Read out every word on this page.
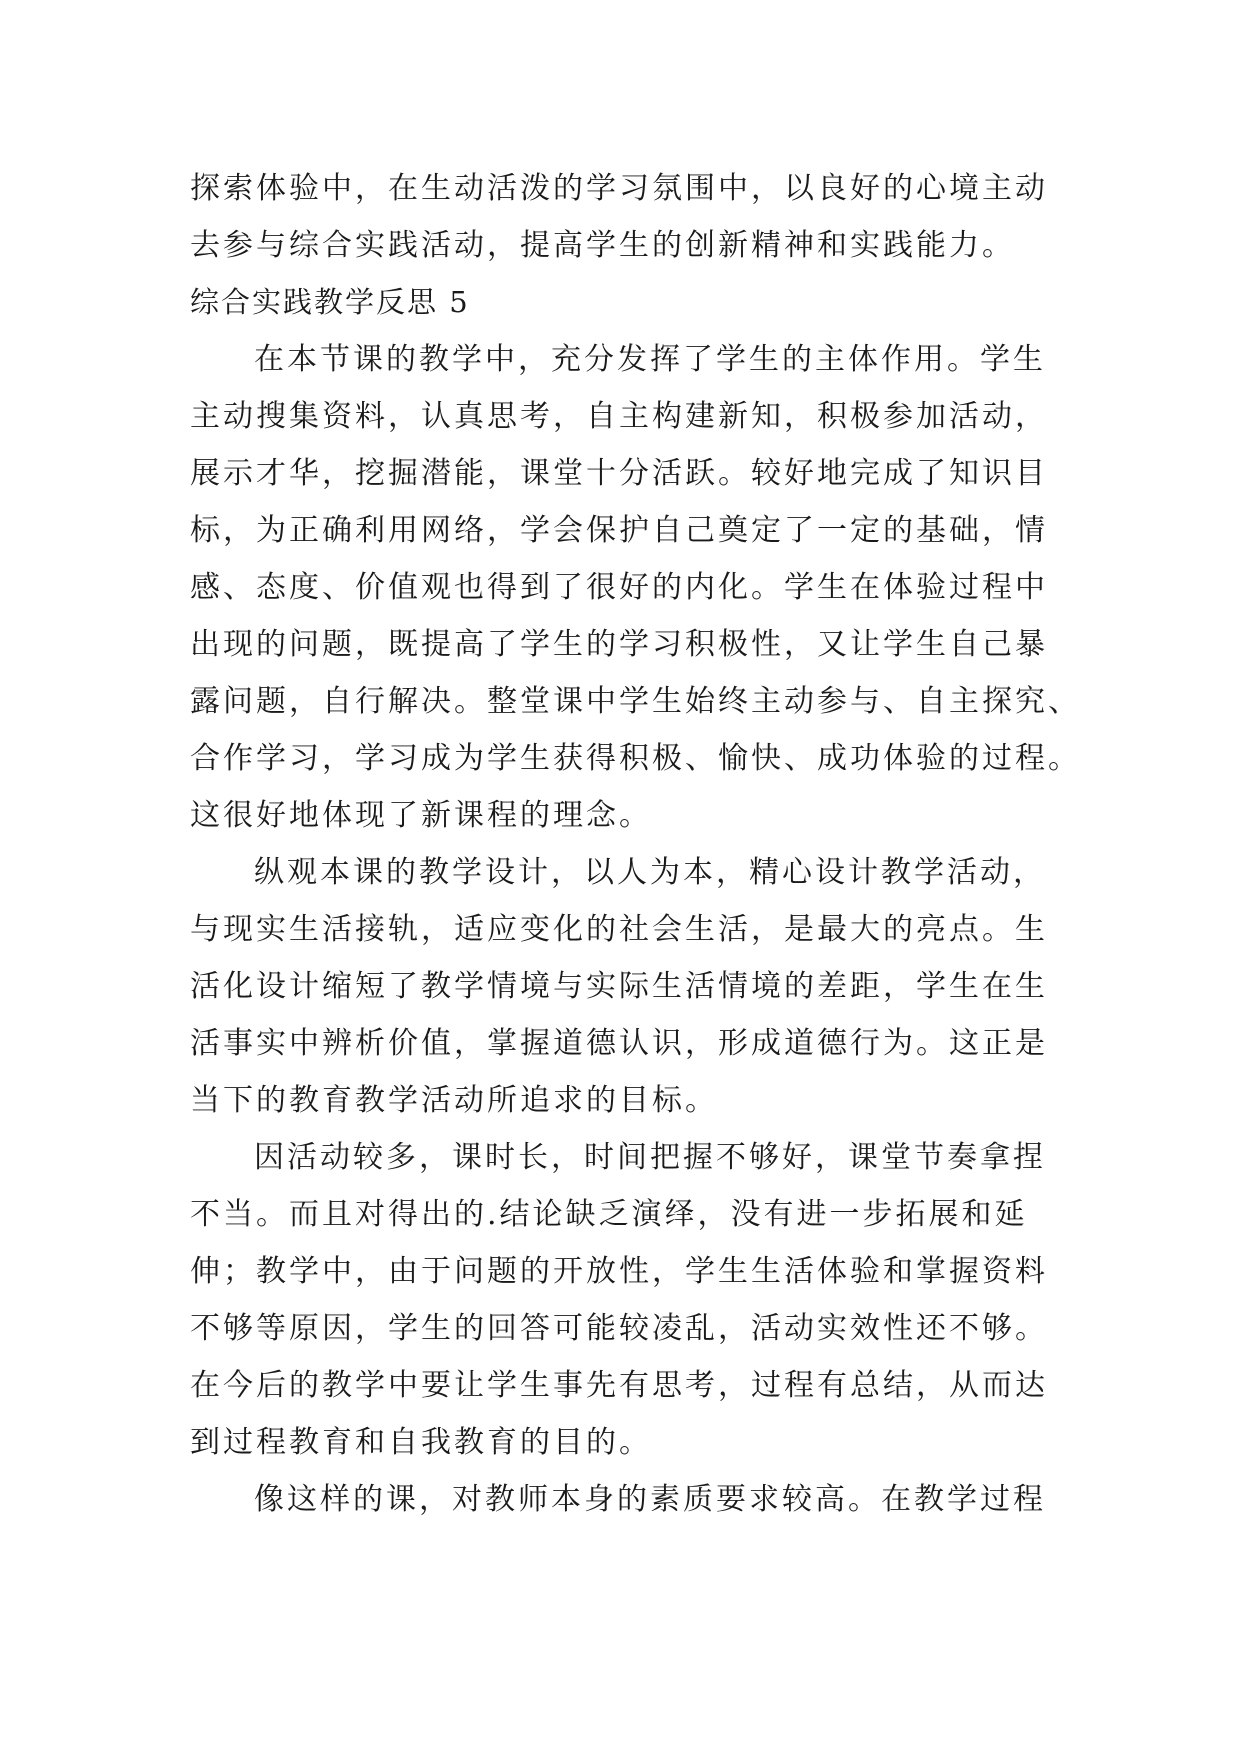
探索体验中，在生动活泼的学习氛围中，以良好的心境主动
去参与综合实践活动，提高学生的创新精神和实践能力。
综合实践教学反思 5
在本节课的教学中，充分发挥了学生的主体作用。学生
主动搜集资料，认真思考，自主构建新知，积极参加活动，
展示才华，挖掘潜能，课堂十分活跃。较好地完成了知识目
标，为正确利用网络，学会保护自己奠定了一定的基础，情
感、态度、价值观也得到了很好的内化。学生在体验过程中
出现的问题，既提高了学生的学习积极性，又让学生自己暴
露问题，自行解决。整堂课中学生始终主动参与、自主探究、
合作学习，学习成为学生获得积极、愉快、成功体验的过程。
这很好地体现了新课程的理念。
纵观本课的教学设计，以人为本，精心设计教学活动，
与现实生活接轨，适应变化的社会生活，是最大的亮点。生
活化设计缩短了教学情境与实际生活情境的差距，学生在生
活事实中辨析价值，掌握道德认识，形成道德行为。这正是
当下的教育教学活动所追求的目标。
因活动较多，课时长，时间把握不够好，课堂节奏拿捏
不当。而且对得出的.结论缺乏演绎，没有进一步拓展和延
伸；教学中，由于问题的开放性，学生生活体验和掌握资料
不够等原因，学生的回答可能较凌乱，活动实效性还不够。
在今后的教学中要让学生事先有思考，过程有总结，从而达
到过程教育和自我教育的目的。
像这样的课，对教师本身的素质要求较高。在教学过程
